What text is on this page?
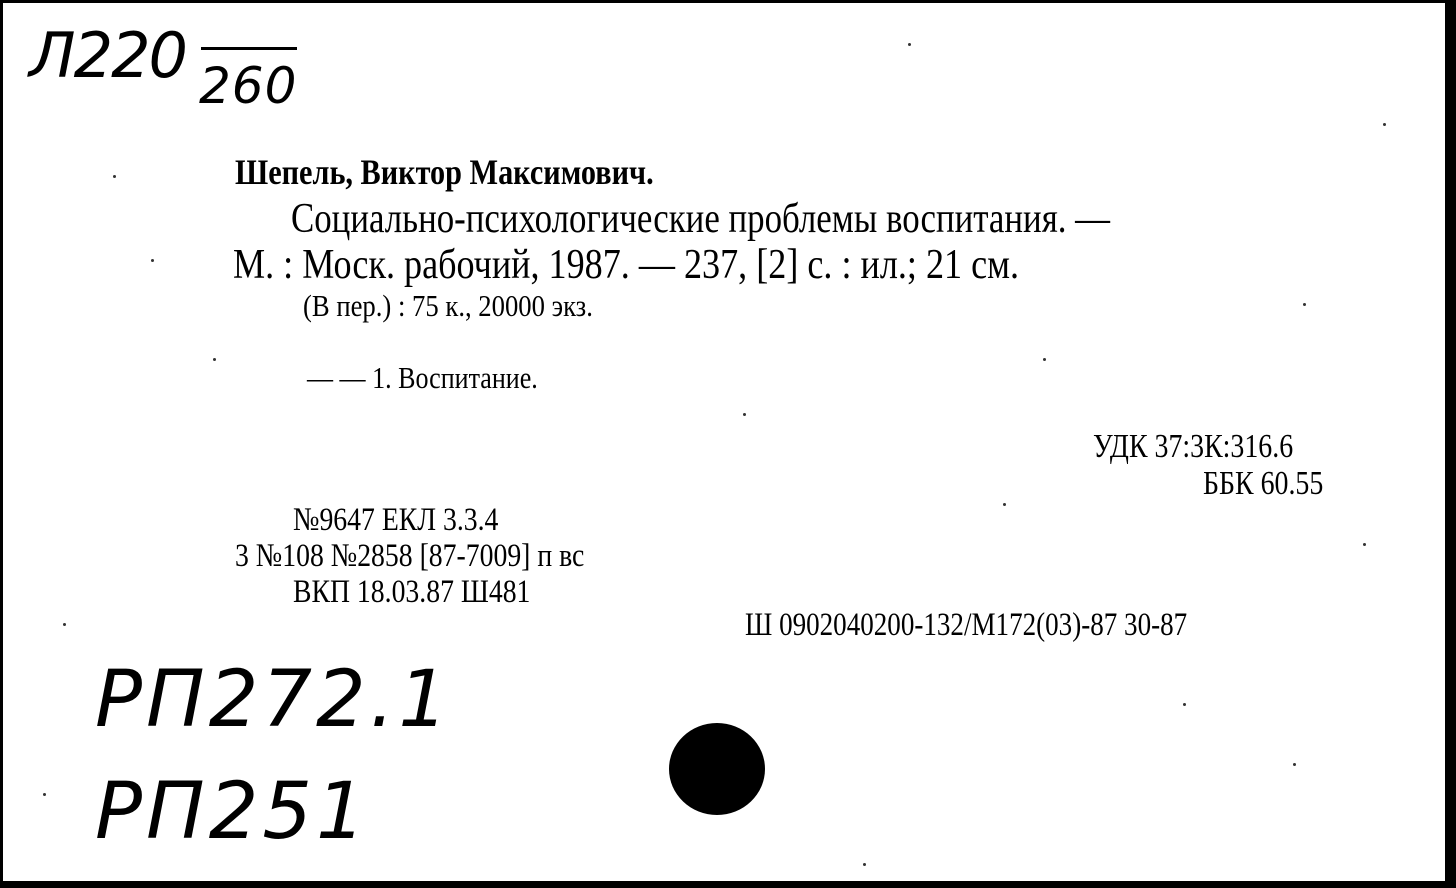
Л220 260
Шепель, Виктор Максимович.
Социально-психологические проблемы воспитания. —
М. : Моск. рабочий, 1987. — 237, [2] с. : ил.; 21 см.
(В пер.) : 75 к., 20000 экз.
— — 1. Воспитание.
УДК 37:3К:316.6
ББК 60.55
№9647 ЕКЛ 3.3.4
3 №108 №2858 [87-7009] п вс
ВКП 18.03.87 Ш481
Ш 0902040200-132/М172(03)-87 30-87
РП272.1
РП251
